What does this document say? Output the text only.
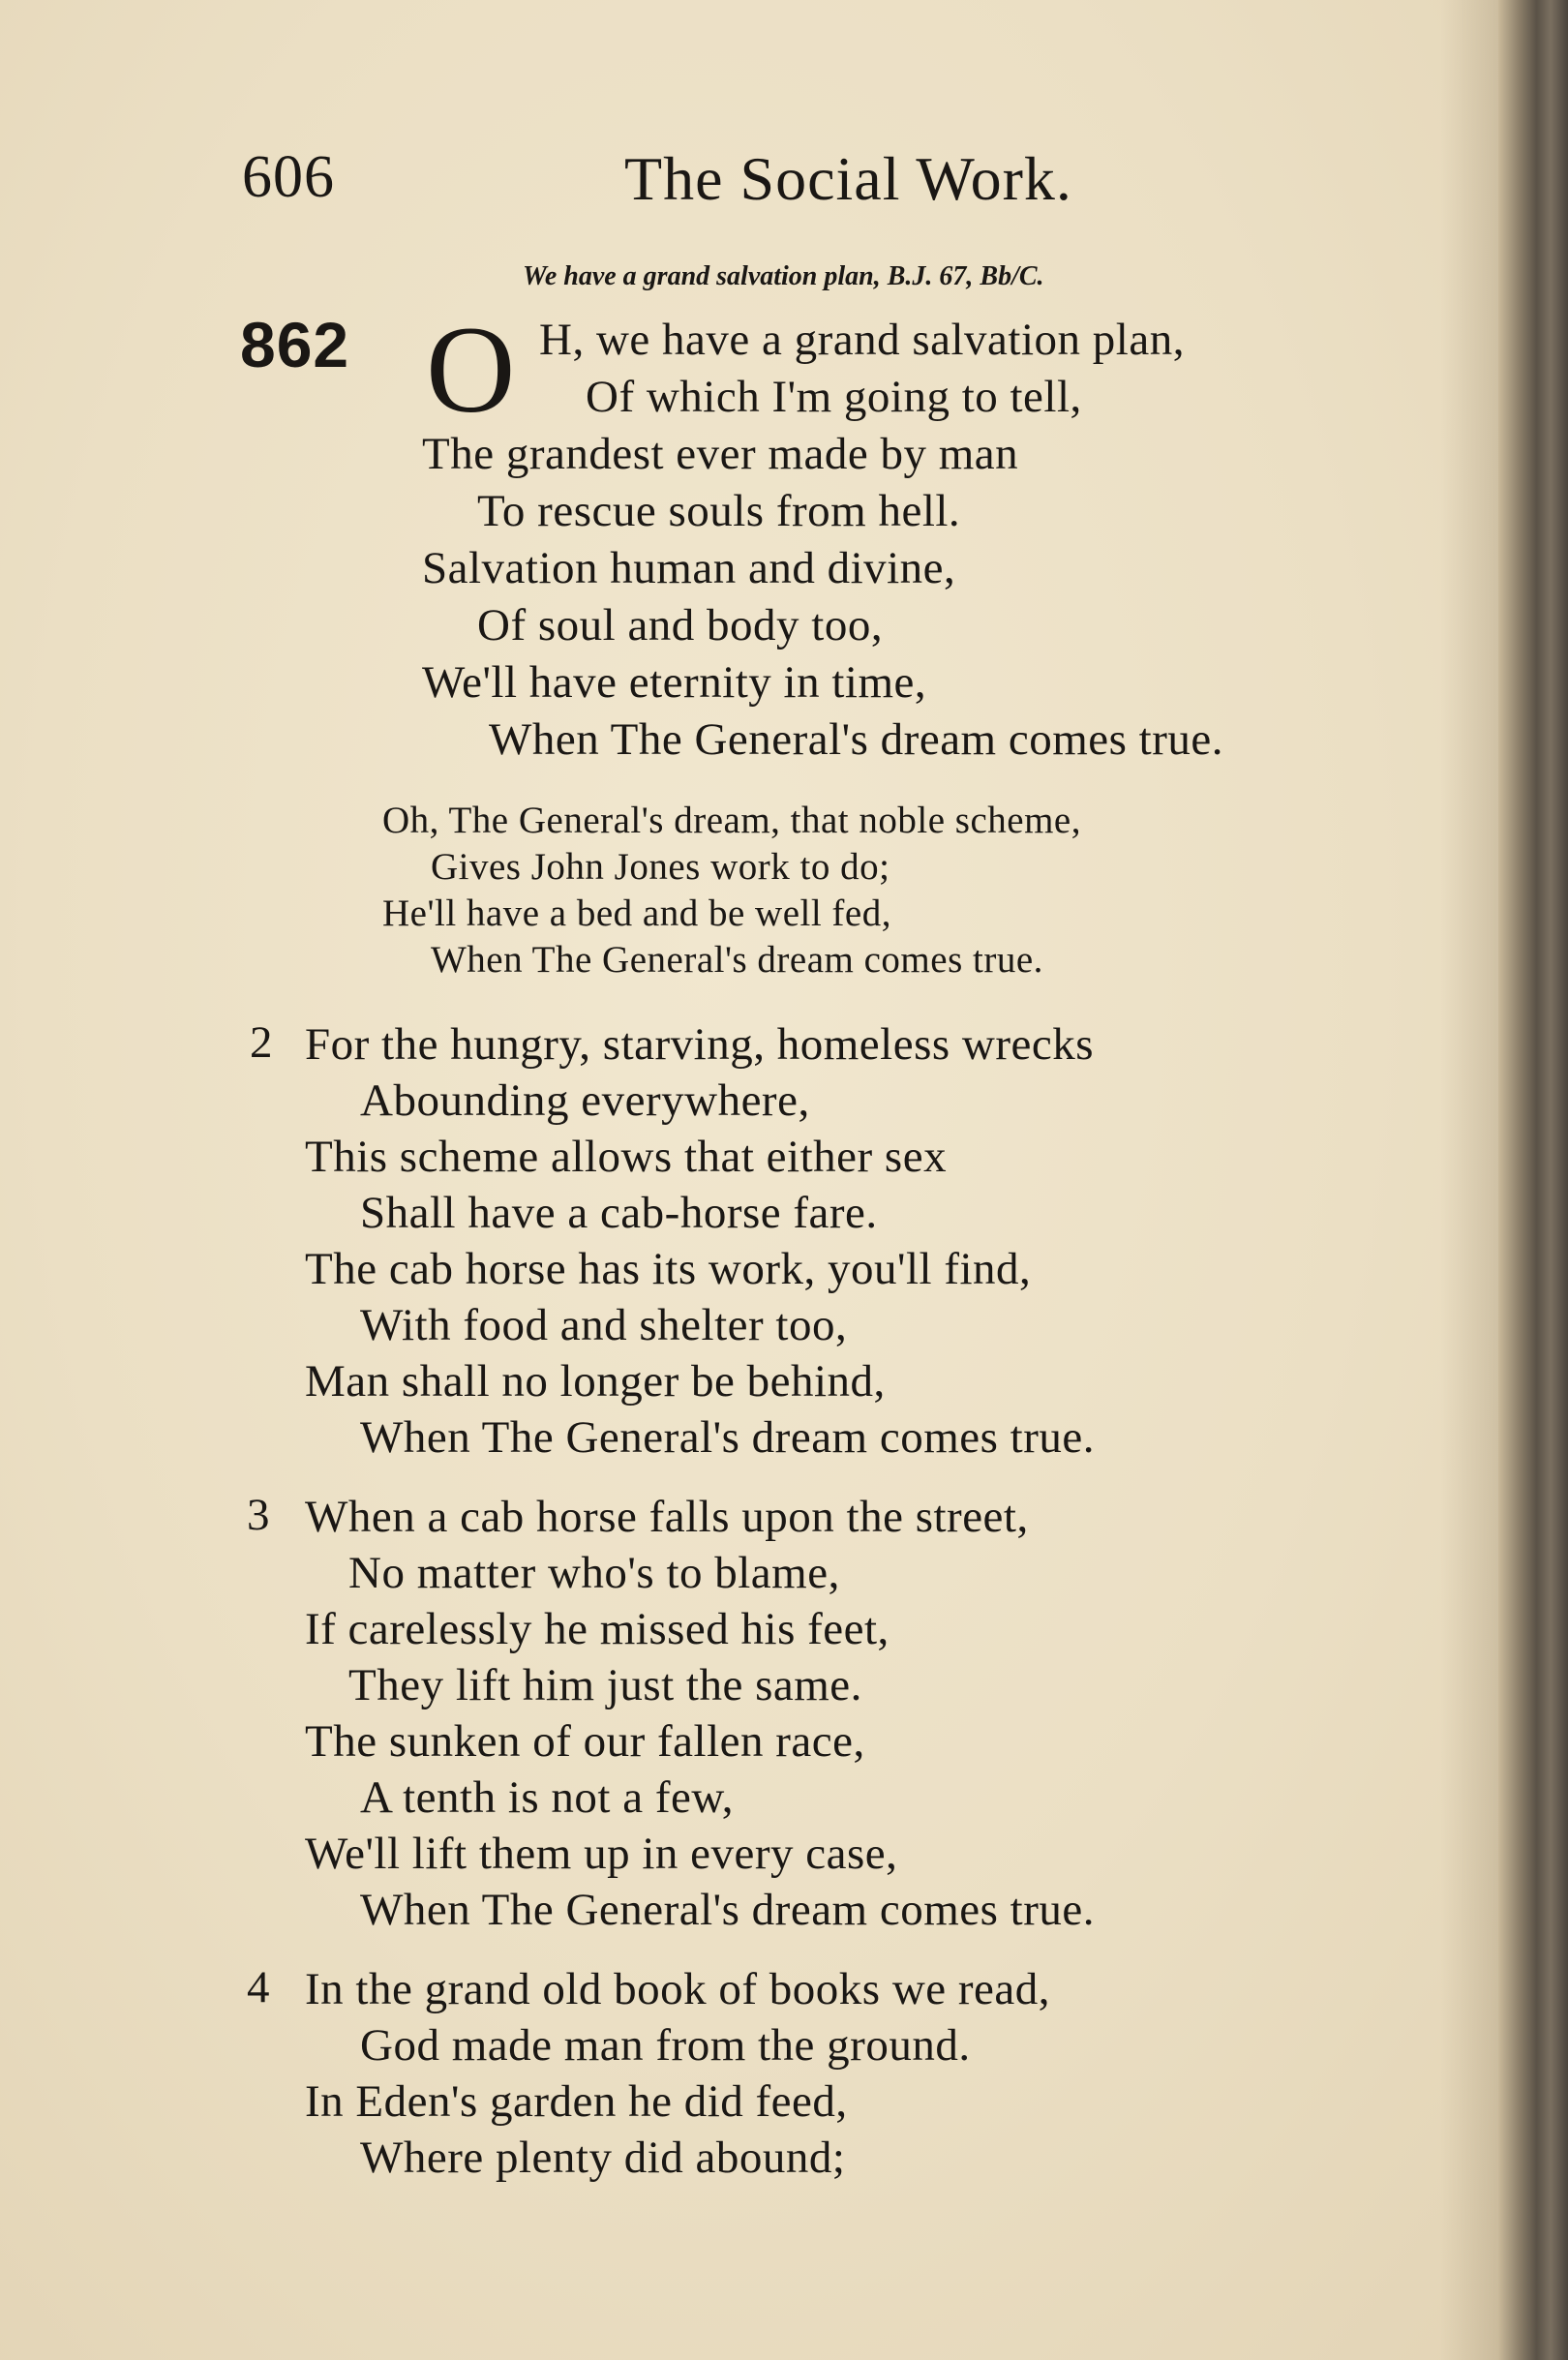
606	The Social Work.
We have a grand salvation plan, B.J. 67, Bb/C.
862 O H, we have a grand salvation plan,
Of which I'm going to tell,
The grandest ever made by man
To rescue souls from hell.
Salvation human and divine,
Of soul and body too,
We'll have eternity in time,
When The General's dream comes true.
Oh, The General's dream, that noble scheme,
Gives John Jones work to do;
He'll have a bed and be well fed,
When The General's dream comes true.
2 For the hungry, starving, homeless wrecks
Abounding everywhere,
This scheme allows that either sex
Shall have a cab-horse fare.
The cab horse has its work, you'll find,
With food and shelter too,
Man shall no longer be behind,
When The General's dream comes true.
3 When a cab horse falls upon the street,
No matter who's to blame,
If carelessly he missed his feet,
They lift him just the same.
The sunken of our fallen race,
A tenth is not a few,
We'll lift them up in every case,
When The General's dream comes true.
4 In the grand old book of books we read,
God made man from the ground.
In Eden's garden he did feed,
Where plenty did abound;
